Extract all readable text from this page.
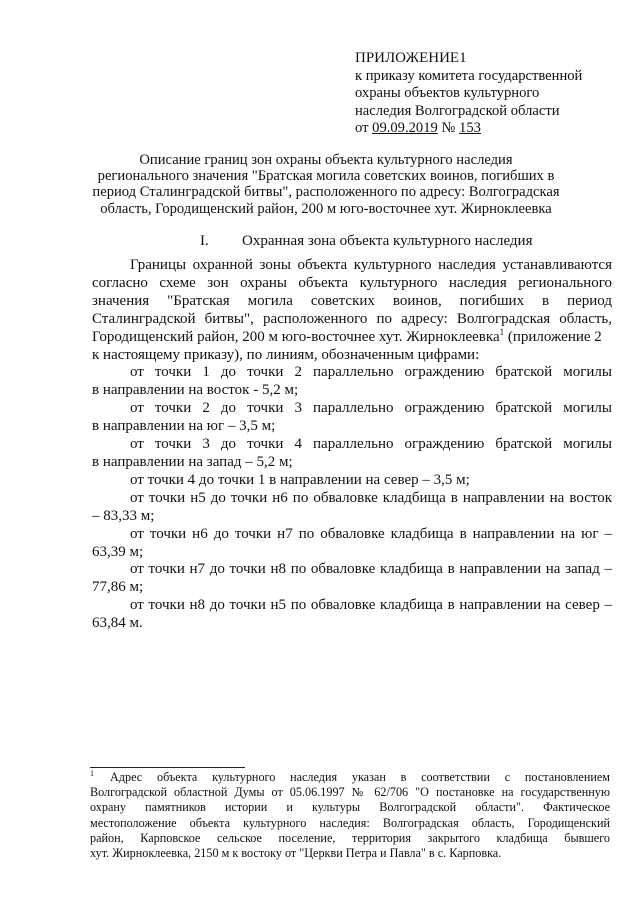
ПРИЛОЖЕНИЕ1
к приказу комитета государственной
охраны объектов культурного
наследия Волгоградской области
от 09.09.2019 № 153
Описание границ зон охраны объекта культурного наследия
регионального значения "Братская могила советских воинов, погибших в
период Сталинградской битвы", расположенного по адресу: Волгоградская
область, Городищенский район, 200 м юго-восточнее хут. Жирноклеевка
I. Охранная зона объекта культурного наследия
Границы охранной зоны объекта культурного наследия устанавливаются
согласно схеме зон охраны объекта культурного наследия регионального
значения "Братская могила советских воинов, погибших в период
Сталинградской битвы", расположенного по адресу: Волгоградская область,
Городищенский район, 200 м юго-восточнее хут. Жирноклеевка$^1$ (приложение 2
к настоящему приказу), по линиям, обозначенным цифрами:
от точки 1 до точки 2 параллельно ограждению братской могилы
в направлении на восток - 5,2 м;
от точки 2 до точки 3 параллельно ограждению братской могилы
в направлении на юг – 3,5 м;
от точки 3 до точки 4 параллельно ограждению братской могилы
в направлении на запад – 5,2 м;
от точки 4 до точки 1 в направлении на север – 3,5 м;
от точки н5 до точки н6 по обваловке кладбища в направлении на восток
– 83,33 м;
от точки н6 до точки н7 по обваловке кладбища в направлении на юг –
63,39 м;
от точки н7 до точки н8 по обваловке кладбища в направлении на запад –
77,86 м;
от точки н8 до точки н5 по обваловке кладбища в направлении на север –
63,84 м.
1 Адрес объекта культурного наследия указан в соответствии с постановлением
Волгоградской областной Думы от 05.06.1997 № 62/706 "О постановке на государственную
охрану памятников истории и культуры Волгоградской области". Фактическое
местоположение объекта культурного наследия: Волгоградская область, Городищенский
район, Карповское сельское поселение, территория закрытого кладбища бывшего
хут. Жирноклеевка, 2150 м к востоку от "Церкви Петра и Павла" в с. Карповка.
